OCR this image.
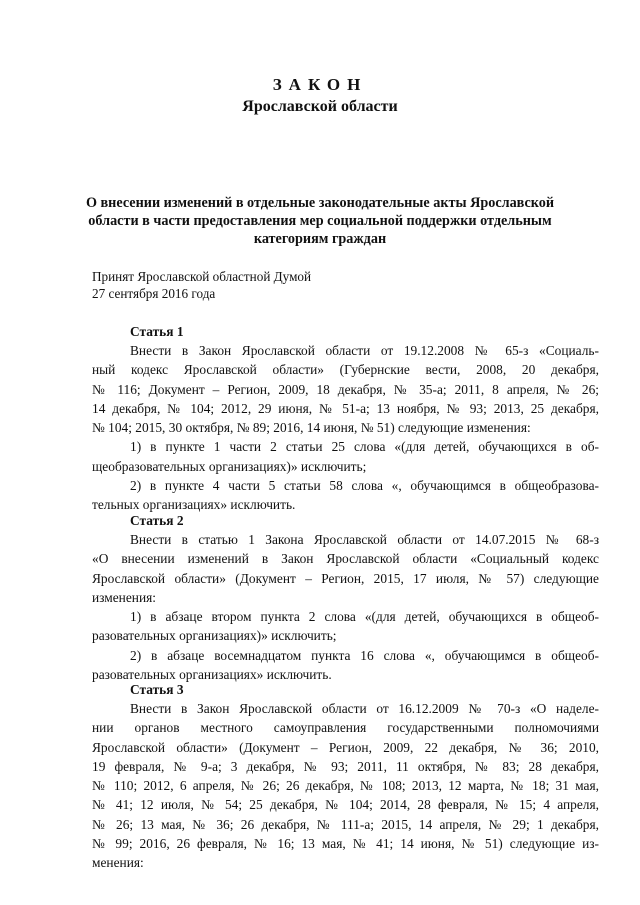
ЗАКОН
Ярославской области
О внесении изменений в отдельные законодательные акты Ярославской
области в части предоставления мер социальной поддержки отдельным
категориям граждан
Принят Ярославской областной Думой
27 сентября 2016 года
Статья 1
Внести в Закон Ярославской области от 19.12.2008 № 65-з «Социаль-
ный кодекс Ярославской области» (Губернские вести, 2008, 20 декабря,
№ 116; Документ – Регион, 2009, 18 декабря, № 35-а; 2011, 8 апреля, № 26;
14 декабря, № 104; 2012, 29 июня, № 51-а; 13 ноября, № 93; 2013, 25 декабря,
№ 104; 2015, 30 октября, № 89; 2016, 14 июня, № 51) следующие изменения:
1) в пункте 1 части 2 статьи 25 слова «(для детей, обучающихся в об-
щеобразовательных организациях)» исключить;
2) в пункте 4 части 5 статьи 58 слова «, обучающимся в общеобразова-
тельных организациях» исключить.
Статья 2
Внести в статью 1 Закона Ярославской области от 14.07.2015 № 68-з
«О внесении изменений в Закон Ярославской области «Социальный кодекс
Ярославской области» (Документ – Регион, 2015, 17 июля, № 57) следующие
изменения:
1) в абзаце втором пункта 2 слова «(для детей, обучающихся в общеоб-
разовательных организациях)» исключить;
2) в абзаце восемнадцатом пункта 16 слова «, обучающимся в общеоб-
разовательных организациях» исключить.
Статья 3
Внести в Закон Ярославской области от 16.12.2009 № 70-з «О наделе-
нии органов местного самоуправления государственными полномочиями
Ярославской области» (Документ – Регион, 2009, 22 декабря, № 36; 2010,
19 февраля, № 9-а; 3 декабря, № 93; 2011, 11 октября, № 83; 28 декабря,
№ 110; 2012, 6 апреля, № 26; 26 декабря, № 108; 2013, 12 марта, № 18; 31 мая,
№ 41; 12 июля, № 54; 25 декабря, № 104; 2014, 28 февраля, № 15; 4 апреля,
№ 26; 13 мая, № 36; 26 декабря, № 111-а; 2015, 14 апреля, № 29; 1 декабря,
№ 99; 2016, 26 февраля, № 16; 13 мая, № 41; 14 июня, № 51) следующие из-
менения:
